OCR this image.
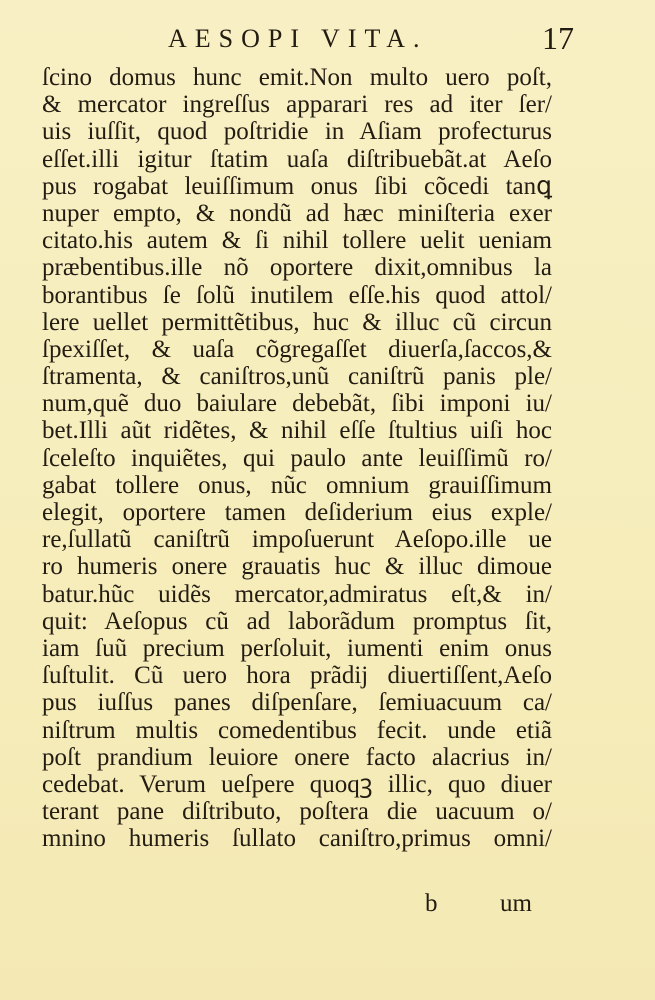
AESOPI VITA.	17
ſcino domus hunc emit.Non multo uero poſt,
& mercator ingreſſus apparari res ad iter ſer/
uis iuſſit, quod poſtridie in Aſiam profecturus
eſſet.illi igitur ſtatim uaſa diſtribuebãt.at Aeſo
pus rogabat leuiſſimum onus ſibi cõcedi tanꝗ
nuper empto, & nondũ ad hæc miniſteria exer
citato.his autem & ſi nihil tollere uelit ueniam
præbentibus.ille nõ oportere dixit,omnibus la
borantibus ſe ſolũ inutilem eſſe.his quod attol/
lere uellet permittẽtibus, huc & illuc cũ circun
ſpexiſſet, & uaſa cõgregaſſet diuerſa,ſaccos,&
ſtramenta, & caniſtros,unũ caniſtrũ panis ple/
num,quẽ duo baiulare debebãt, ſibi imponi iu/
bet.Illi aũt ridẽtes, & nihil eſſe ſtultius uiſi hoc
ſceleſto inquiẽtes, qui paulo ante leuiſſimũ ro/
gabat tollere onus, nũc omnium grauiſſimum
elegit, oportere tamen deſiderium eius exple/
re,ſullatũ caniſtrũ impoſuerunt Aeſopo.ille ue
ro humeris onere grauatis huc & illuc dimoue
batur.hũc uidẽs mercator,admiratus eſt,& in/
quit: Aeſopus cũ ad laborãdum promptus ſit,
iam ſuũ precium perſoluit, iumenti enim onus
ſuſtulit. Cũ uero hora prãdĳ diuertiſſent,Aeſo
pus iuſſus panes diſpenſare, ſemiuacuum ca/
niſtrum multis comedentibus fecit. unde etiã
poſt prandium leuiore onere facto alacrius in/
cedebat. Verum ueſpere quoqꝫ illic, quo diuer
terant pane diſtributo, poſtera die uacuum o/
mnino humeris ſullato caniſtro,primus omni/
b	um
